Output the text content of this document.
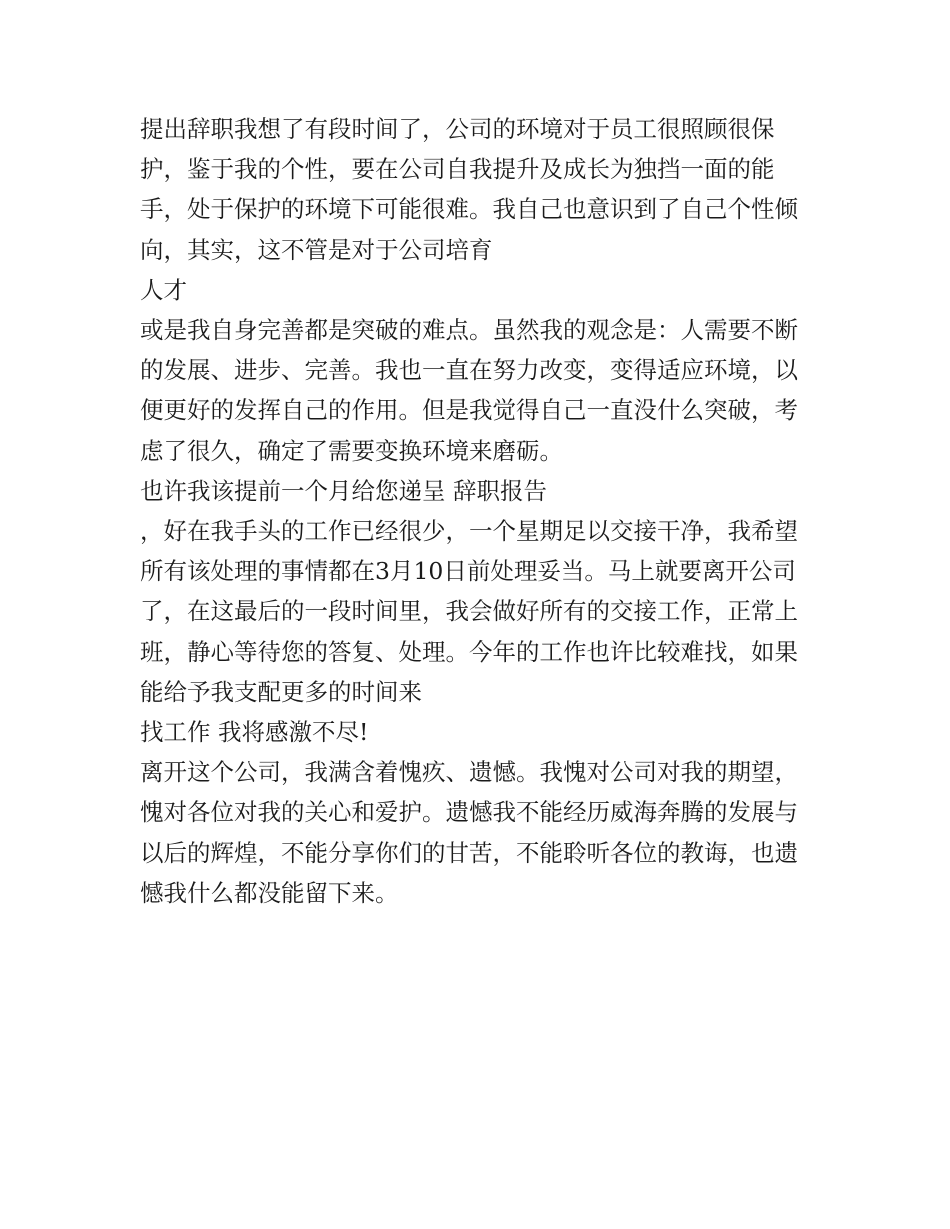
提出辞职我想了有段时间了，公司的环境对于员工很照顾很保护，鉴于我的个性，要在公司自我提升及成长为独挡一面的能手，处于保护的环境下可能很难。我自己也意识到了自己个性倾向，其实，这不管是对于公司培育

人才

或是我自身完善都是突破的难点。虽然我的观念是：人需要不断的发展、进步、完善。我也一直在努力改变，变得适应环境，以便更好的发挥自己的作用。但是我觉得自己一直没什么突破，考虑了很久，确定了需要变换环境来磨砺。

也许我该提前一个月给您递呈 辞职报告

，好在我手头的工作已经很少，一个星期足以交接干净，我希望所有该处理的事情都在3月10日前处理妥当。马上就要离开公司了，在这最后的一段时间里，我会做好所有的交接工作，正常上班，静心等待您的答复、处理。今年的工作也许比较难找，如果能给予我支配更多的时间来

找工作 我将感激不尽!

离开这个公司，我满含着愧疚、遗憾。我愧对公司对我的期望，愧对各位对我的关心和爱护。遗憾我不能经历威海奔腾的发展与以后的辉煌，不能分享你们的甘苦，不能聆听各位的教诲，也遗憾我什么都没能留下来。
